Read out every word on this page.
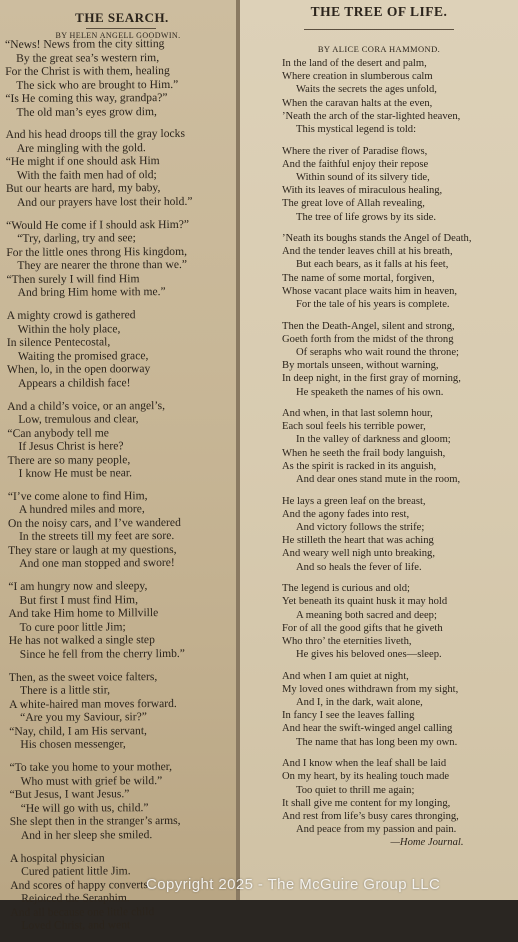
THE SEARCH.
BY HELEN ANGELL GOODWIN.
“News! News from the city sitting
By the great sea’s western rim,
For the Christ is with them, healing
The sick who are brought to Him.”
“Is He coming this way, grandpa?”
The old man’s eyes grow dim,
And his head droops till the gray locks
Are mingling with the gold.
“He might if one should ask Him
With the faith men had of old;
But our hearts are hard, my baby,
And our prayers have lost their hold.”
“Would He come if I should ask Him?”
“Try, darling, try and see;
For the little ones throng His kingdom,
They are nearer the throne than we.”
“Then surely I will find Him
And bring Him home with me.”
A mighty crowd is gathered
Within the holy place,
In silence Pentecostal,
Waiting the promised grace,
When, lo, in the open doorway
Appears a childish face!
And a child’s voice, or an angel’s,
Low, tremulous and clear,
“Can anybody tell me
If Jesus Christ is here?
There are so many people,
I know He must be near.
“I’ve come alone to find Him,
A hundred miles and more,
On the noisy cars, and I’ve wandered
In the streets till my feet are sore.
They stare or laugh at my questions,
And one man stopped and swore!
“I am hungry now and sleepy,
But first I must find Him,
And take Him home to Millville
To cure poor little Jim;
He has not walked a single step
Since he fell from the cherry limb.”
Then, as the sweet voice falters,
There is a little stir,
A white-haired man moves forward.
“Are you my Saviour, sir?”
“Nay, child, I am His servant,
His chosen messenger,
“To take you home to your mother,
Who must with grief be wild.”
“But Jesus, I want Jesus.”
“He will go with us, child.”
She slept then in the stranger’s arms,
And in her sleep she smiled.
A hospital physician
Cured patient little Jim.
And scores of happy converts
Rejoiced the Seraphim.
And all because one little child
Loved Christ, and went
THE TREE OF LIFE.
BY ALICE CORA HAMMOND.
In the land of the desert and palm,
Where creation in slumberous calm
Waits the secrets the ages unfold,
When the caravan halts at the even,
’Neath the arch of the star-lighted heaven,
This mystical legend is told:
Where the river of Paradise flows,
And the faithful enjoy their repose
Within sound of its silvery tide,
With its leaves of miraculous healing,
The great love of Allah revealing,
The tree of life grows by its side.
’Neath its boughs stands the Angel of Death,
And the tender leaves chill at his breath,
But each bears, as it falls at his feet,
The name of some mortal, forgiven,
Whose vacant place waits him in heaven,
For the tale of his years is complete.
Then the Death-Angel, silent and strong,
Goeth forth from the midst of the throng
Of seraphs who wait round the throne;
By mortals unseen, without warning,
In deep night, in the first gray of morning,
He speaketh the names of his own.
And when, in that last solemn hour,
Each soul feels his terrible power,
In the valley of darkness and gloom;
When he seeth the frail body languish,
As the spirit is racked in its anguish,
And dear ones stand mute in the room,
He lays a green leaf on the breast,
And the agony fades into rest,
And victory follows the strife;
He stilleth the heart that was aching
And weary well nigh unto breaking,
And so heals the fever of life.
The legend is curious and old;
Yet beneath its quaint husk it may hold
A meaning both sacred and deep;
For of all the good gifts that he giveth
Who thro’ the eternities liveth,
He gives his beloved ones—sleep.
And when I am quiet at night,
My loved ones withdrawn from my sight,
And I, in the dark, wait alone,
In fancy I see the leaves falling
And hear the swift-winged angel calling
The name that has long been my own.
And I know when the leaf shall be laid
On my heart, by its healing touch made
Too quiet to thrill me again;
It shall give me content for my longing,
And rest from life’s busy cares thronging,
And peace from my passion and pain.
—Home Journal.
Copyright 2025 - The McGuire Group LLC
